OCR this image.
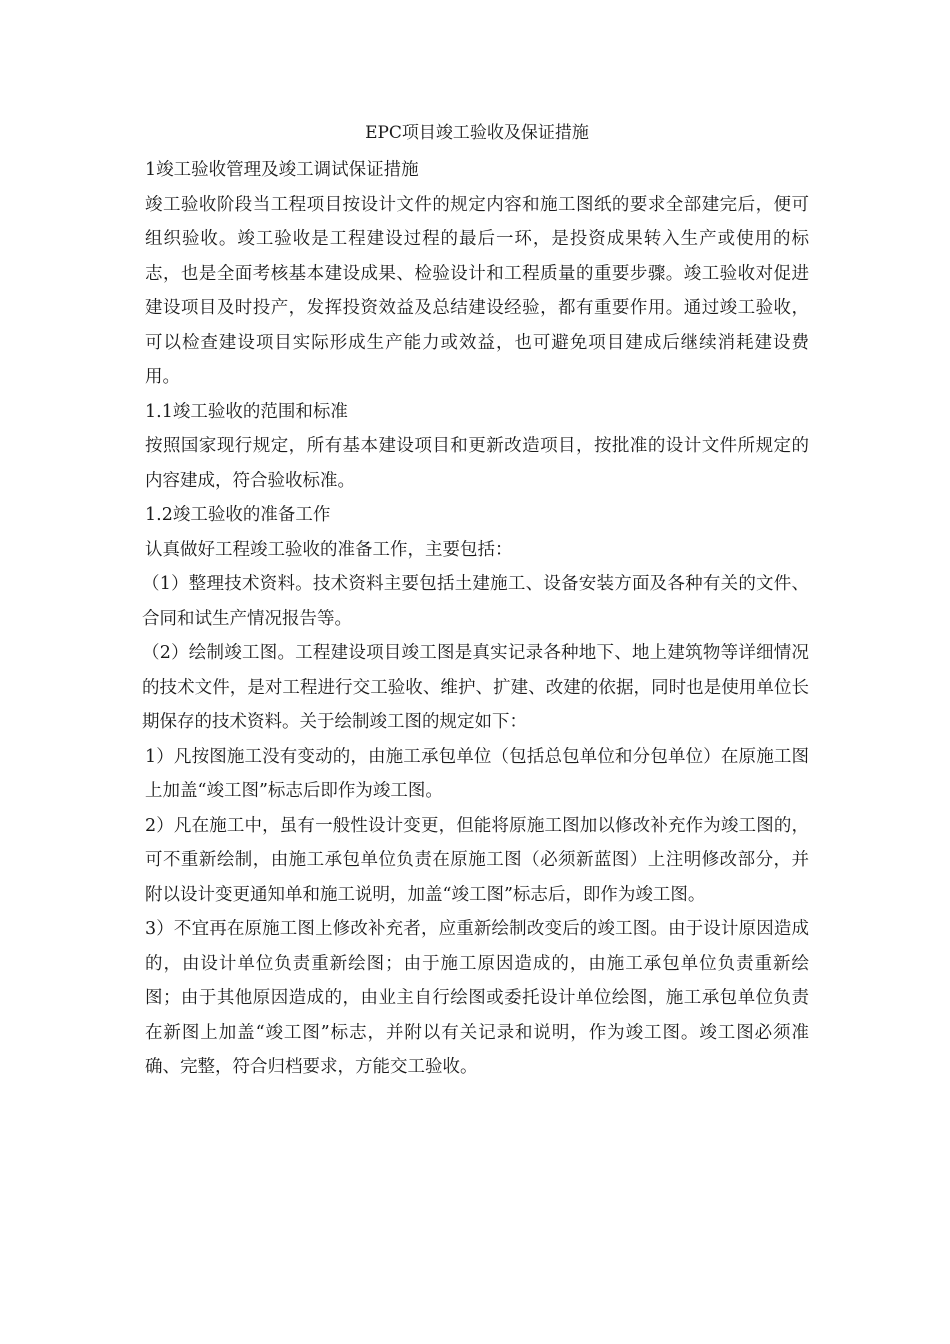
EPC项目竣工验收及保证措施
1竣工验收管理及竣工调试保证措施

竣工验收阶段当工程项目按设计文件的规定内容和施工图纸的要求全部建完后，便可组织验收。竣工验收是工程建设过程的最后一环，是投资成果转入生产或使用的标志，也是全面考核基本建设成果、检验设计和工程质量的重要步骤。竣工验收对促进建设项目及时投产，发挥投资效益及总结建设经验，都有重要作用。通过竣工验收，可以检查建设项目实际形成生产能力或效益，也可避免项目建成后继续消耗建设费用。

1.1竣工验收的范围和标准

按照国家现行规定，所有基本建设项目和更新改造项目，按批准的设计文件所规定的内容建成，符合验收标准。

1.2竣工验收的准备工作

认真做好工程竣工验收的准备工作，主要包括：

（1）整理技术资料。技术资料主要包括土建施工、设备安装方面及各种有关的文件、合同和试生产情况报告等。

（2）绘制竣工图。工程建设项目竣工图是真实记录各种地下、地上建筑物等详细情况的技术文件，是对工程进行交工验收、维护、扩建、改建的依据，同时也是使用单位长期保存的技术资料。关于绘制竣工图的规定如下：

1）凡按图施工没有变动的，由施工承包单位（包括总包单位和分包单位）在原施工图上加盖“竣工图”标志后即作为竣工图。

2）凡在施工中，虽有一般性设计变更，但能将原施工图加以修改补充作为竣工图的，可不重新绘制，由施工承包单位负责在原施工图（必须新蓝图）上注明修改部分，并附以设计变更通知单和施工说明，加盖“竣工图”标志后，即作为竣工图。

3）不宜再在原施工图上修改补充者，应重新绘制改变后的竣工图。由于设计原因造成的，由设计单位负责重新绘图；由于施工原因造成的，由施工承包单位负责重新绘图；由于其他原因造成的，由业主自行绘图或委托设计单位绘图，施工承包单位负责在新图上加盖“竣工图”标志，并附以有关记录和说明，作为竣工图。竣工图必须准确、完整，符合归档要求，方能交工验收。
